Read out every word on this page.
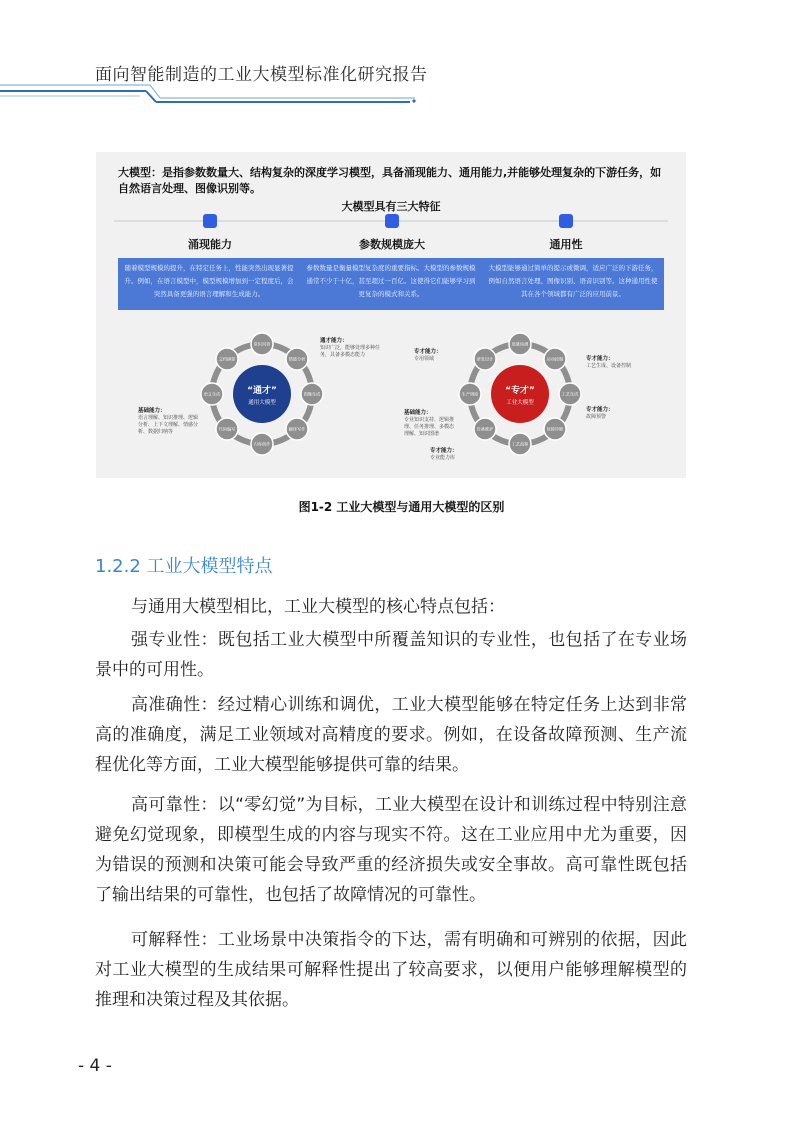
面向智能制造的工业大模型标准化研究报告
大模型：是指参数数量大、结构复杂的深度学习模型，具备涌现能力、通用能力,并能够处理复杂的下游任务，如自然语言处理、图像识别等。
大模型具有三大特征
涌现能力	参数规模庞大	通用性
随着模型规模的提升，在特定任务上，性能突然出现显著提升。例如，在语言模型中，模型规模增加到一定程度后，会突然具备更强的语言理解和生成能力。
参数数量是衡量模型复杂度的重要指标。大模型的参数规模通常不少于十亿，甚至超过一百亿。这使得它们能够学习到更复杂的模式和关系。
大模型能够通过简单的提示或微调，适应广泛的下游任务，例如自然语言处理、图像识别、语音识别等。这种通用性使其在各个领域都有广泛的应用前景。
常识问答
情感分析
图像生成
翻译写作
内容创作
代码编写
语义生成
文档摘要
“通才”
通用大模型
通才能力：
知识广泛，能够处理多种任务，具备多模态能力
基础能力：
语言理解、知识推理、逻辑分析、上下文理解、情感分析、数据归纳等
质量检测
运动控制
工艺生成
故障诊断
工艺流程
设备维护
生产调度
研发设计
“专才”
工业大模型
专才能力：
专用领域	专才能力：
工艺生成、设备控制
专才能力：
故障预警
基础能力：
专业知识支持、逻辑推理、任务推理、多模态理解、知识图谱
专才能力：
专业能力库
图1-2 工业大模型与通用大模型的区别
1.2.2 工业大模型特点
与通用大模型相比，工业大模型的核心特点包括：
强专业性：既包括工业大模型中所覆盖知识的专业性，也包括了在专业场景中的可用性。
高准确性：经过精心训练和调优，工业大模型能够在特定任务上达到非常高的准确度，满足工业领域对高精度的要求。例如，在设备故障预测、生产流程优化等方面，工业大模型能够提供可靠的结果。
高可靠性：以“零幻觉”为目标，工业大模型在设计和训练过程中特别注意避免幻觉现象，即模型生成的内容与现实不符。这在工业应用中尤为重要，因为错误的预测和决策可能会导致严重的经济损失或安全事故。高可靠性既包括了输出结果的可靠性，也包括了故障情况的可靠性。
可解释性：工业场景中决策指令的下达，需有明确和可辨别的依据，因此对工业大模型的生成结果可解释性提出了较高要求，以便用户能够理解模型的推理和决策过程及其依据。
- 4 -
